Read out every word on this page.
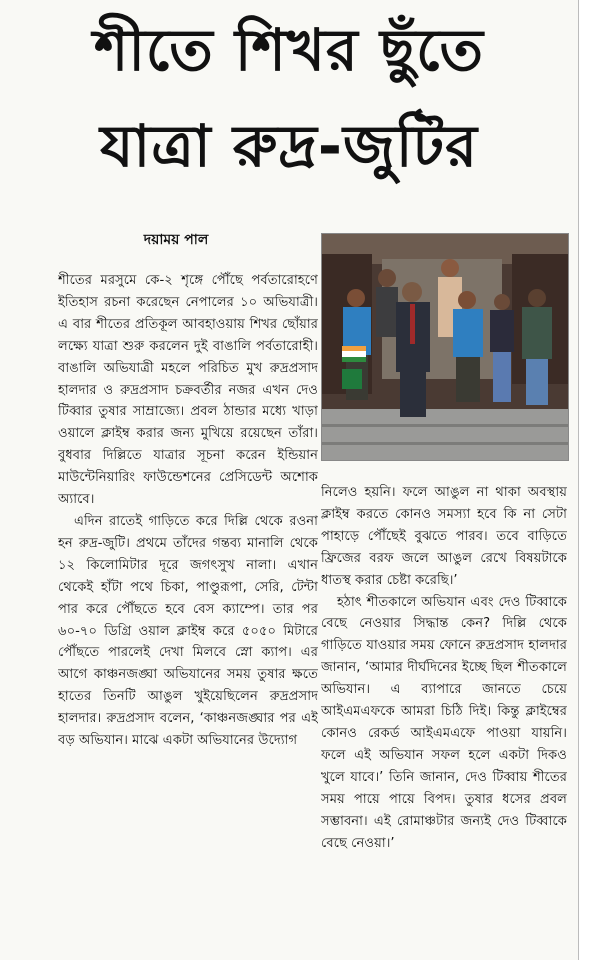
শীতে শিখর ছুঁতে
যাত্রা রুদ্র-জুটির
দয়াময় পাল

শীতের মরসুমে কে-২ শৃঙ্গে পৌঁছে পর্বতারোহণে ইতিহাস রচনা করেছেন নেপালের ১০ অভিযাত্রী। এ বার শীতের প্রতিকূল আবহাওয়ায় শিখর ছোঁয়ার লক্ষ্যে যাত্রা শুরু করলেন দুই বাঙালি পর্বতারোহী। বাঙালি অভিযাত্রী মহলে পরিচিত মুখ রুদ্রপ্রসাদ হালদার ও রুদ্রপ্রসাদ চক্রবর্তীর নজর এখন দেও টিব্বার তুষার সাম্রাজ্যে। প্রবল ঠান্ডার মধ্যে খাড়া ওয়ালে ক্লাইম্ব করার জন্য মুখিয়ে রয়েছেন তাঁরা। বুধবার দিল্লিতে যাত্রার সূচনা করেন ইন্ডিয়ান মাউন্টেনিয়ারিং ফাউন্ডেশনের প্রেসিডেন্ট অশোক অ্যাবে।

এদিন রাতেই গাড়িতে করে দিল্লি থেকে রওনা হন রুদ্র-জুটি। প্রথমে তাঁদের গন্তব্য মানালি থেকে ১২ কিলোমিটার দূরে জগৎসুখ নালা। এখান থেকেই হাঁটা পথে চিকা, পাণ্ডুরূপা, সেরি, টেন্টা পার করে পৌঁছতে হবে বেস ক্যাম্পে। তার পর ৬০-৭০ ডিগ্রি ওয়াল ক্লাইম্ব করে ৫০৫০ মিটারে পৌঁছতে পারলেই দেখা মিলবে স্নো ক্যাপ। এর আগে কাঞ্চনজঙ্ঘা অভিযানের সময় তুষার ক্ষতে হাতের তিনটি আঙুল খুইয়েছিলেন রুদ্রপ্রসাদ হালদার। রুদ্রপ্রসাদ বলেন, ‘কাঞ্চনজঙ্ঘার পর এই বড় অভিযান। মাঝে একটা অভিযানের উদ্যোগ

নিলেও হয়নি। ফলে আঙুল না থাকা অবস্থায় ক্লাইম্ব করতে কোনও সমস্যা হবে কি না সেটা পাহাড়ে পৌঁছেই বুঝতে পারব। তবে বাড়িতে ফ্রিজের বরফ জলে আঙুল রেখে বিষয়টাকে ধাতস্থ করার চেষ্টা করেছি।’

হঠাৎ শীতকালে অভিযান এবং দেও টিব্বাকে বেছে নেওয়ার সিদ্ধান্ত কেন? দিল্লি থেকে গাড়িতে যাওয়ার সময় ফোনে রুদ্রপ্রসাদ হালদার জানান, ‘আমার দীর্ঘদিনের ইচ্ছে ছিল শীতকালে অভিযান। এ ব্যাপারে জানতে চেয়ে আইএমএফকে আমরা চিঠি দিই। কিন্তু ক্লাইম্বের কোনও রেকর্ড আইএমএফে পাওয়া যায়নি। ফলে এই অভিযান সফল হলে একটা দিকও খুলে যাবে।’ তিনি জানান, দেও টিব্বায় শীতের সময় পায়ে পায়ে বিপদ। তুষার ধসের প্রবল সম্ভাবনা। এই রোমাঞ্চটার জন্যই দেও টিব্বাকে বেছে নেওয়া।’
